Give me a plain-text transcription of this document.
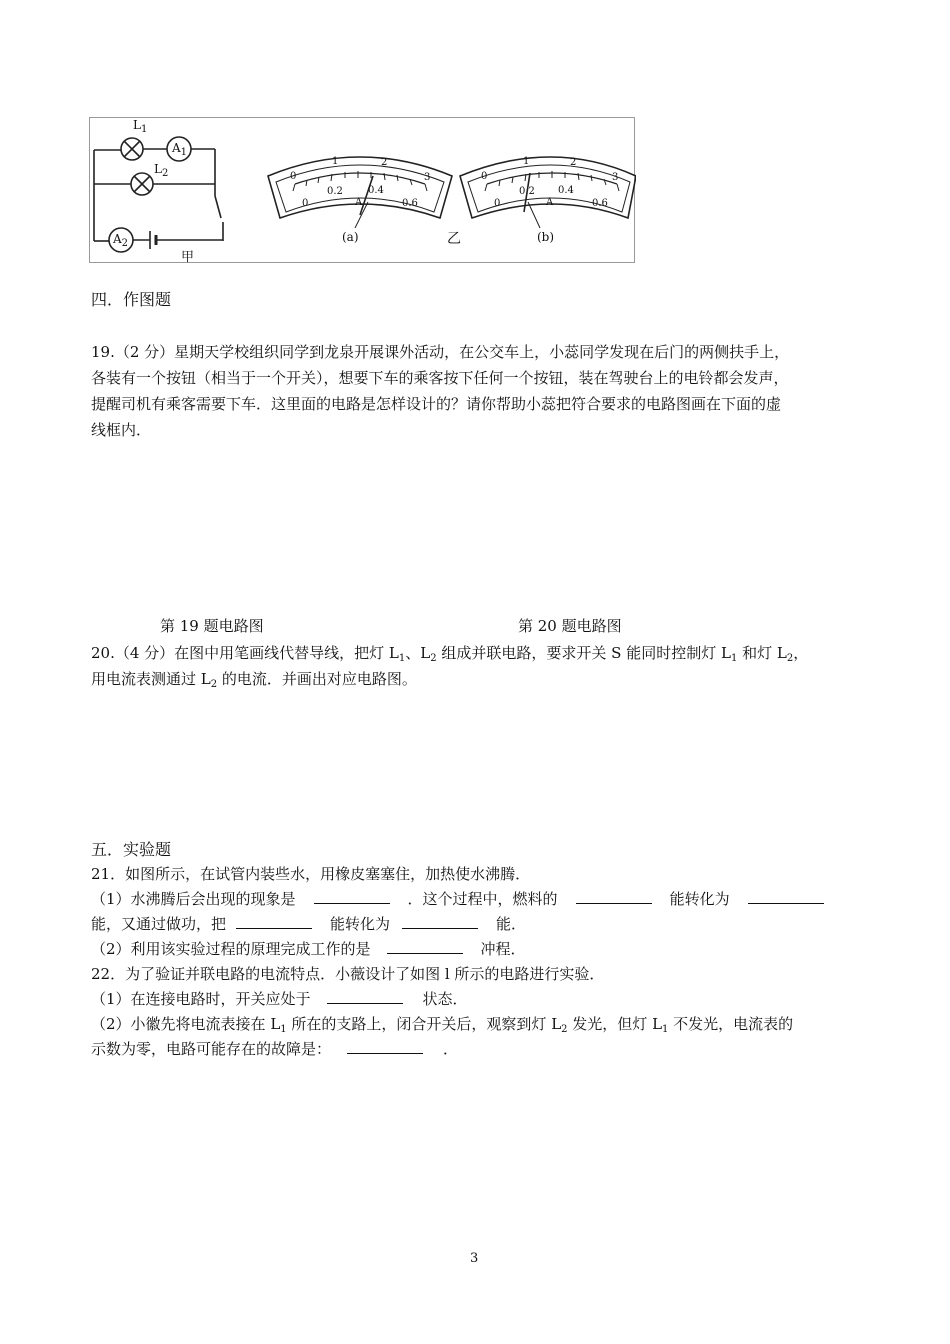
$L_1$
$L_2$
$A_1$
$A_2$
甲
乙
(a)	(b)
0
1	2
3
0
0.2	0.4
0.6
A
0
1	2
3
0
0.2 0.4
0.6
A
四．作图题
19.（2 分）星期天学校组织同学到龙泉开展课外活动，在公交车上，小蕊同学发现在后门的两侧扶手上，
各装有一个按钮（相当于一个开关），想要下车的乘客按下任何一个按钮，装在驾驶台上的电铃都会发声，
提醒司机有乘客需要下车．这里面的电路是怎样设计的？请你帮助小蕊把符合要求的电路图画在下面的虚
线框内．
第 19 题电路图	第 20 题电路图
20.（4 分）在图中用笔画线代替导线，把灯 $L_1$、$L_2$ 组成并联电路，要求开关 S 能同时控制灯 $L_1$ 和灯 $L_2$，
用电流表测通过 $L_2$ 的电流．并画出对应电路图。
五．实验题
21．如图所示，在试管内装些水，用橡皮塞塞住，加热使水沸腾．
（1）水沸腾后会出现的现象是	．这个过程中，燃料的	能转化为
能，又通过做功，把	能转化为	能．
（2）利用该实验过程的原理完成工作的是	冲程．
22．为了验证并联电路的电流特点．小薇设计了如图 l 所示的电路进行实验．
（1）在连接电路时，开关应处于	状态．
（2）小徽先将电流表接在 $L_1$ 所在的支路上，闭合开关后，观察到灯 $L_2$ 发光，但灯 $L_1$ 不发光，电流表的
示数为零，电路可能存在的故障是：	．
3
